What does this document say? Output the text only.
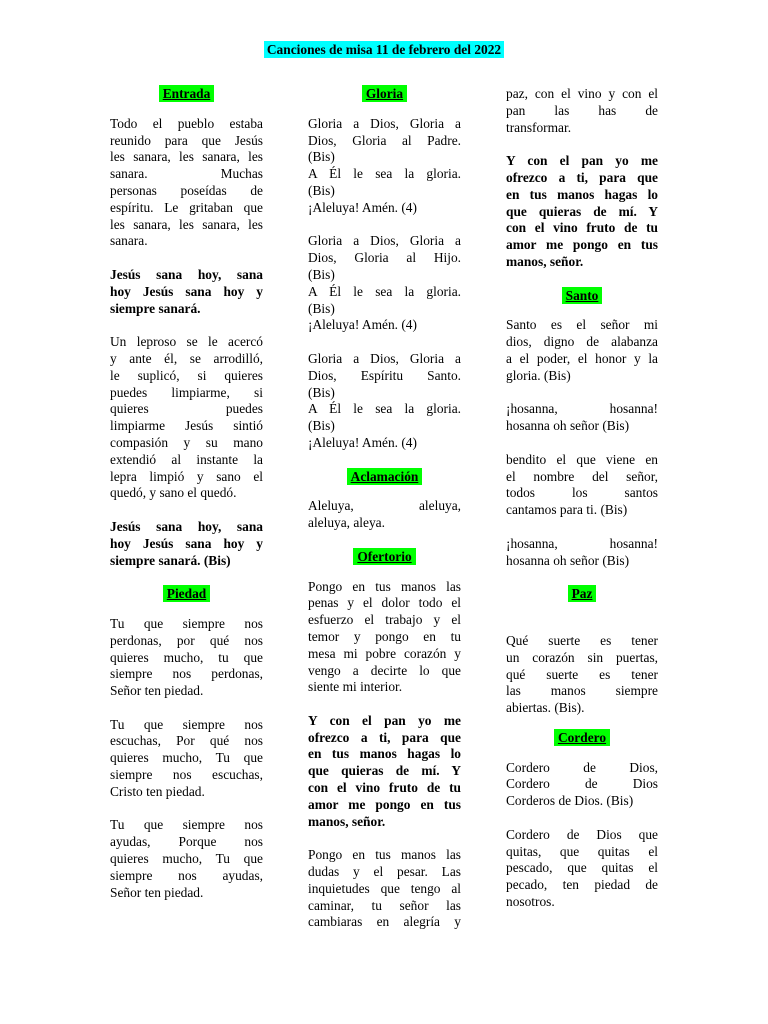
Canciones de misa 11 de febrero del 2022
Entrada

Todo el pueblo estaba
reunido para que Jesús
les sanara, les sanara, les
sanara. Muchas
personas poseídas de
espíritu. Le gritaban que
les sanara, les sanara, les
sanara.

Jesús sana hoy, sana
hoy Jesús sana hoy y
siempre sanará.

Un leproso se le acercó
y ante él, se arrodilló,
le suplicó, si quieres
puedes limpiarme, si
quieres puedes
limpiarme Jesús sintió
compasión y su mano
extendió al instante la
lepra limpió y sano el
quedó, y sano el quedó.

Jesús sana hoy, sana
hoy Jesús sana hoy y
siempre sanará. (Bis)

Piedad

Tu que siempre nos
perdonas, por qué nos
quieres mucho, tu que
siempre nos perdonas,
Señor ten piedad.

Tu que siempre nos
escuchas, Por qué nos
quieres mucho, Tu que
siempre nos escuchas,
Cristo ten piedad.

Tu que siempre nos
ayudas, Porque nos
quieres mucho, Tu que
siempre nos ayudas,
Señor ten piedad.

Gloria

Gloria a Dios, Gloria a
Dios, Gloria al Padre.
(Bis)
A Él le sea la gloria.
(Bis)
¡Aleluya! Amén. (4)

Gloria a Dios, Gloria a
Dios, Gloria al Hijo.
(Bis)
A Él le sea la gloria.
(Bis)
¡Aleluya! Amén. (4)

Gloria a Dios, Gloria a
Dios, Espíritu Santo.
(Bis)
A Él le sea la gloria.
(Bis)
¡Aleluya! Amén. (4)

Aclamación

Aleluya, aleluya,
aleluya, aleya.

Ofertorio

Pongo en tus manos las
penas y el dolor todo el
esfuerzo el trabajo y el
temor y pongo en tu
mesa mi pobre corazón y
vengo a decirte lo que
siente mi interior.

Y con el pan yo me
ofrezco a ti, para que
en tus manos hagas lo
que quieras de mí. Y
con el vino fruto de tu
amor me pongo en tus
manos, señor.

Pongo en tus manos las
dudas y el pesar. Las
inquietudes que tengo al
caminar, tu señor las
cambiaras en alegría y

paz, con el vino y con el
pan las has de
transformar.

Y con el pan yo me
ofrezco a ti, para que
en tus manos hagas lo
que quieras de mí. Y
con el vino fruto de tu
amor me pongo en tus
manos, señor.

Santo

Santo es el señor mi
dios, digno de alabanza
a el poder, el honor y la
gloria. (Bis)

¡hosanna, hosanna!
hosanna oh señor (Bis)

bendito el que viene en
el nombre del señor,
todos los santos
cantamos para ti. (Bis)

¡hosanna, hosanna!
hosanna oh señor (Bis)

Paz

Qué suerte es tener
un corazón sin puertas,
qué suerte es tener
las manos siempre
abiertas. (Bis).

Cordero

Cordero de Dios,
Cordero de Dios
Corderos de Dios. (Bis)

Cordero de Dios que
quitas, que quitas el
pescado, que quitas el
pecado, ten piedad de
nosotros.
